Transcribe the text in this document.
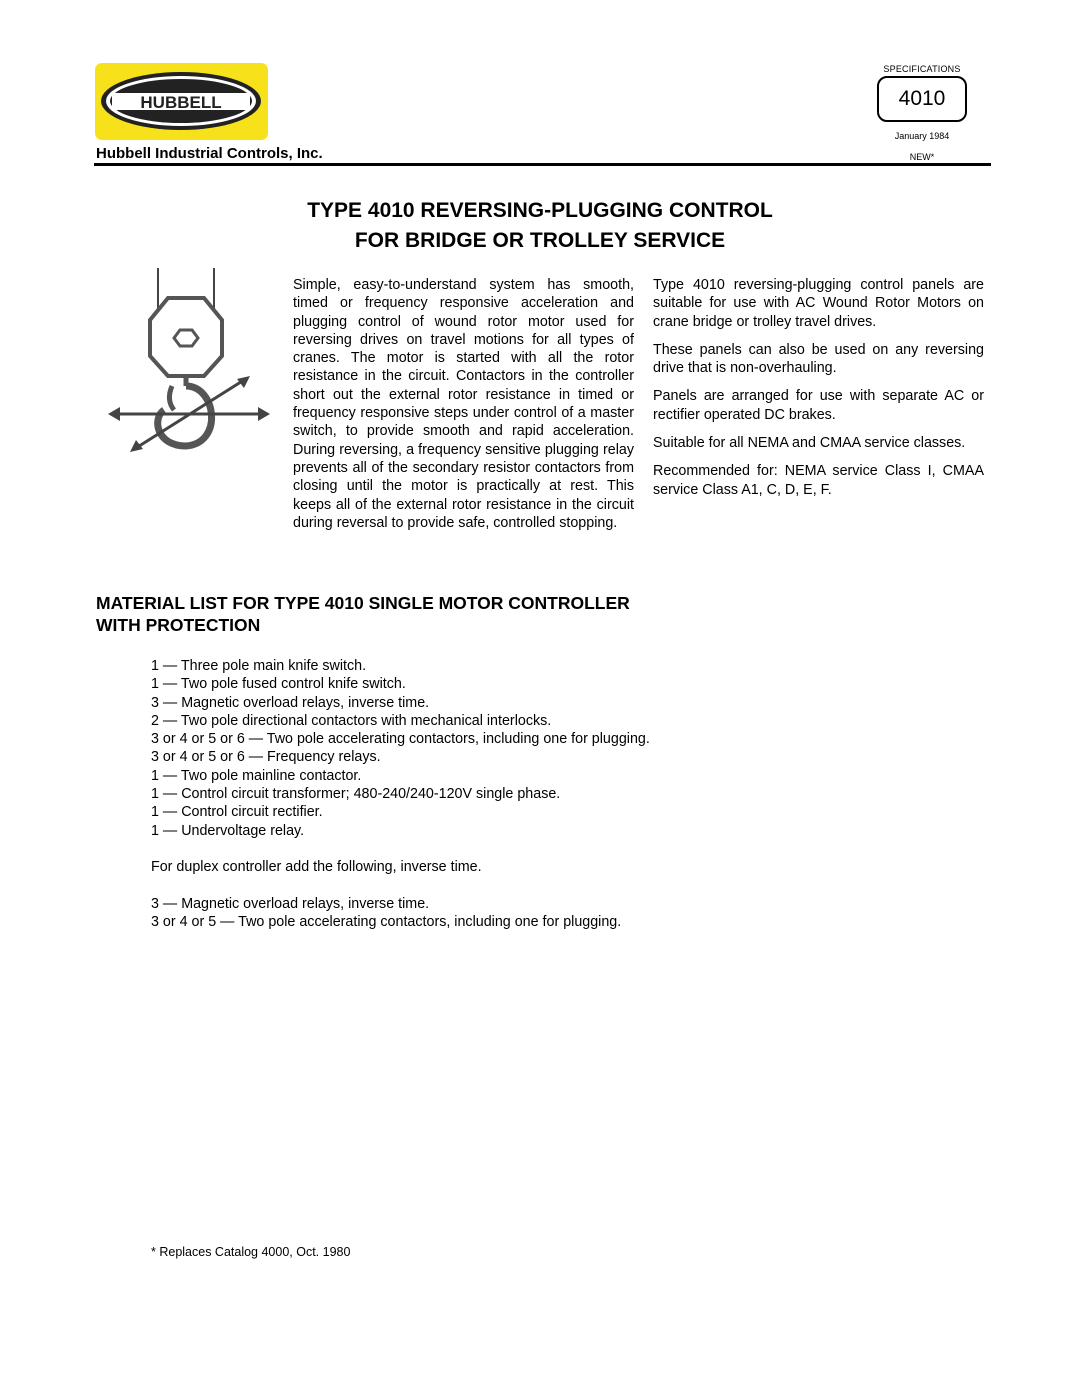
HUBBELL
Hubbell Industrial Controls, Inc.
SPECIFICATIONS
4010
January 1984
NEW*
TYPE 4010 REVERSING-PLUGGING CONTROL
FOR BRIDGE OR TROLLEY SERVICE
Simple, easy-to-understand system has smooth, timed or frequency responsive acceleration and plugging control of wound rotor motor used for reversing drives on travel motions for all types of cranes. The motor is started with all the rotor resistance in the circuit. Contactors in the controller short out the external rotor resistance in timed or frequency responsive steps under control of a master switch, to provide smooth and rapid acceleration. During reversing, a frequency sensitive plugging relay prevents all of the secondary resistor contactors from closing until the motor is practically at rest. This keeps all of the external rotor resistance in the circuit during reversal to provide safe, controlled stopping.

Type 4010 reversing-plugging control panels are suitable for use with AC Wound Rotor Motors on crane bridge or trolley travel drives.

These panels can also be used on any reversing drive that is non-overhauling.

Panels are arranged for use with separate AC or rectifier operated DC brakes.

Suitable for all NEMA and CMAA service classes.

Recommended for: NEMA service Class I, CMAA service Class A1, C, D, E, F.

MATERIAL LIST FOR TYPE 4010 SINGLE MOTOR CONTROLLER
WITH PROTECTION
1 — Three pole main knife switch.
1 — Two pole fused control knife switch.
3 — Magnetic overload relays, inverse time.
2 — Two pole directional contactors with mechanical interlocks.
3 or 4 or 5 or 6 — Two pole accelerating contactors, including one for plugging.
3 or 4 or 5 or 6 — Frequency relays.
1 — Two pole mainline contactor.
1 — Control circuit transformer; 480-240/240-120V single phase.
1 — Control circuit rectifier.
1 — Undervoltage relay.
For duplex controller add the following, inverse time.
3 — Magnetic overload relays, inverse time.
3 or 4 or 5 — Two pole accelerating contactors, including one for plugging.
* Replaces Catalog 4000, Oct. 1980
